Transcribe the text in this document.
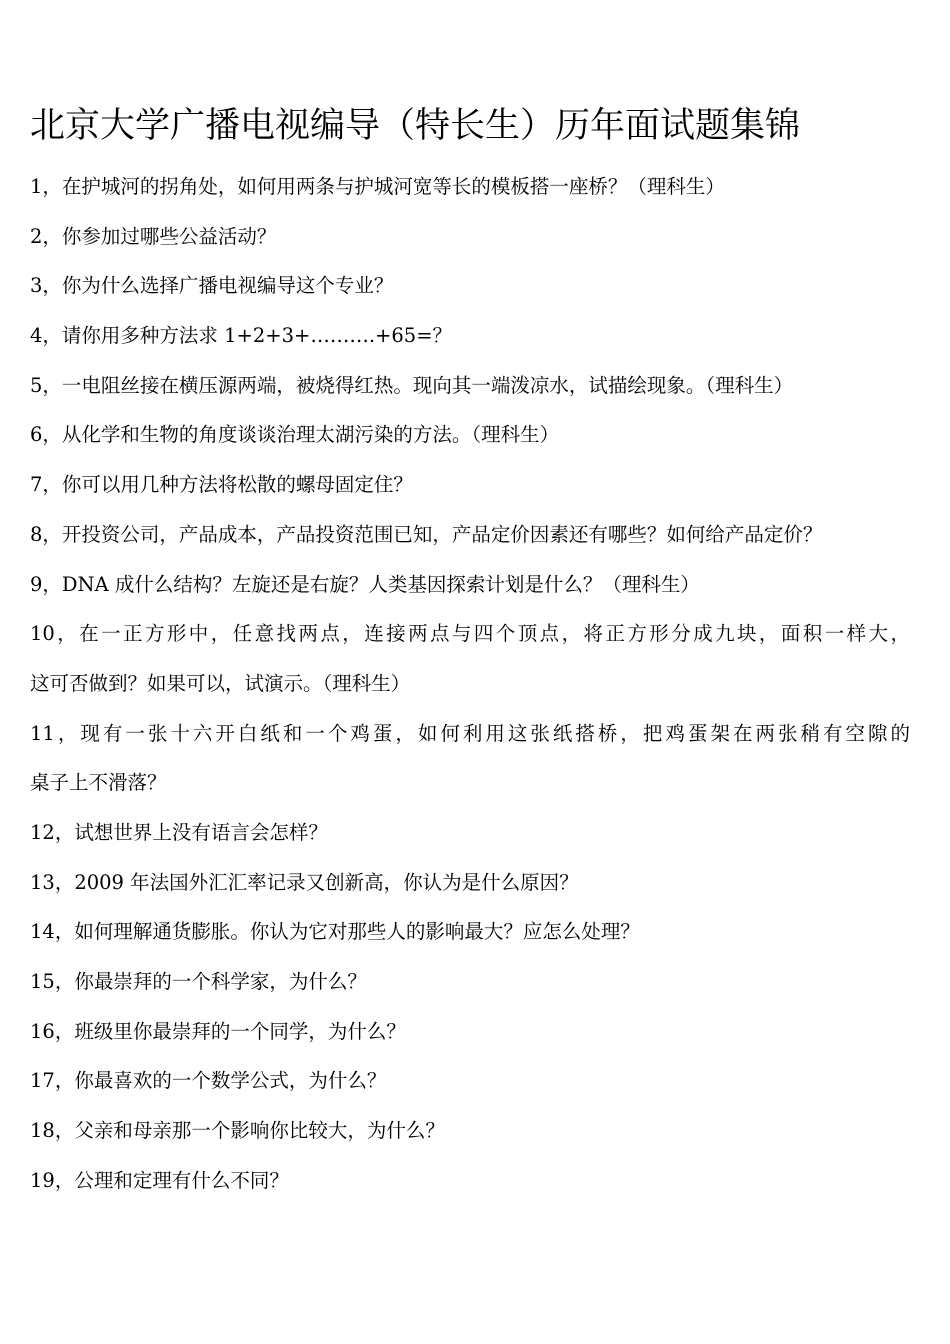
北京大学广播电视编导（特长生）历年面试题集锦
1，在护城河的拐角处，如何用两条与护城河宽等长的模板搭一座桥？（理科生）
2，你参加过哪些公益活动？
3，你为什么选择广播电视编导这个专业？
4，请你用多种方法求 1+2+3+……….+65=？
5，一电阻丝接在横压源两端，被烧得红热。现向其一端泼凉水，试描绘现象。（理科生）
6，从化学和生物的角度谈谈治理太湖污染的方法。（理科生）
7，你可以用几种方法将松散的螺母固定住？
8，开投资公司，产品成本，产品投资范围已知，产品定价因素还有哪些？如何给产品定价？
9，DNA 成什么结构？左旋还是右旋？人类基因探索计划是什么？（理科生）
10，在一正方形中，任意找两点，连接两点与四个顶点，将正方形分成九块，面积一样大，
这可否做到？如果可以，试演示。（理科生）
11，现有一张十六开白纸和一个鸡蛋，如何利用这张纸搭桥，把鸡蛋架在两张稍有空隙的
桌子上不滑落？
12，试想世界上没有语言会怎样？
13，2009 年法国外汇汇率记录又创新高，你认为是什么原因？
14，如何理解通货膨胀。你认为它对那些人的影响最大？应怎么处理？
15，你最崇拜的一个科学家，为什么？
16，班级里你最崇拜的一个同学，为什么？
17，你最喜欢的一个数学公式，为什么？
18，父亲和母亲那一个影响你比较大，为什么？
19，公理和定理有什么不同？
